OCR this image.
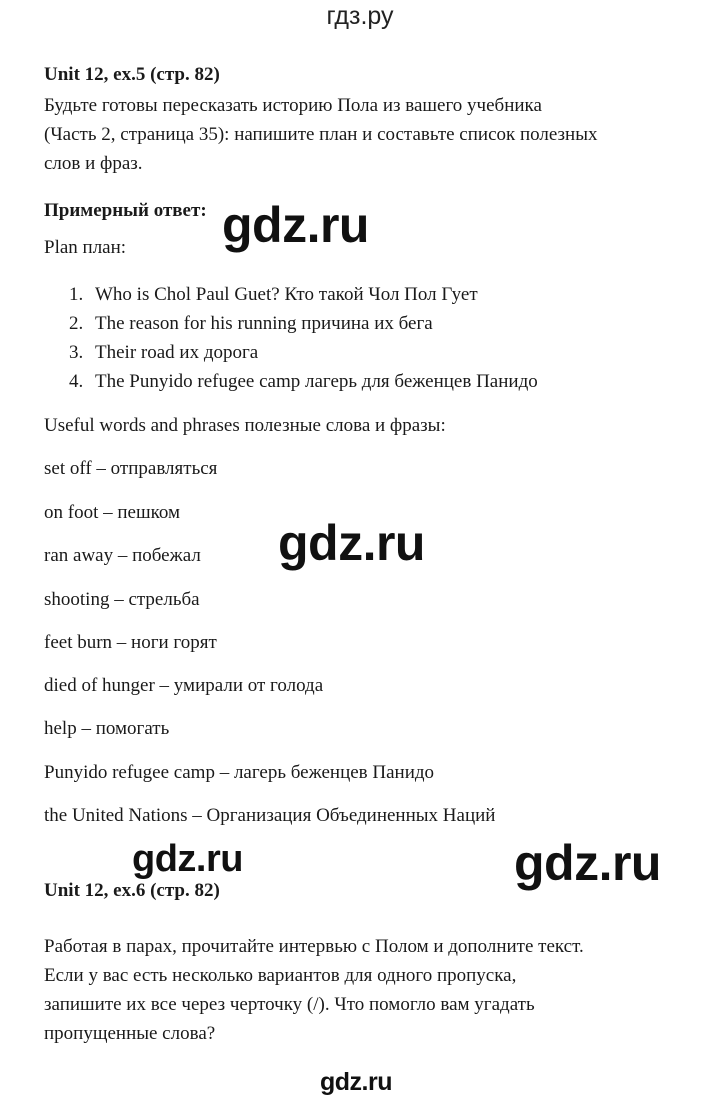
гдз.ру
Unit 12, ex.5 (стр. 82)
Будьте готовы пересказать историю Пола из вашего учебника
(Часть 2, страница 35): напишите план и составьте список полезных
слов и фраз.
Примерный ответ:
Plan план:
1. Who is Chol Paul Guet? Кто такой Чол Пол Гует
2. The reason for his running причина их бега
3. Their road их дорога
4. The Punyido refugee camp лагерь для беженцев Панидо
Useful words and phrases полезные слова и фразы:
set off – отправляться
on foot – пешком
ran away – побежал
shooting – стрельба
feet burn – ноги горят
died of hunger – умирали от голода
help – помогать
Punyido refugee camp – лагерь беженцев Панидо
the United Nations – Организация Объединенных Наций
Unit 12, ex.6 (стр. 82)
Работая в парах, прочитайте интервью с Полом и дополните текст.
Если у вас есть несколько вариантов для одного пропуска,
запишите их все через черточку (/). Что помогло вам угадать
пропущенные слова?
gdz.ru
gdz.ru
gdz.ru	gdz.ru
gdz.ru
